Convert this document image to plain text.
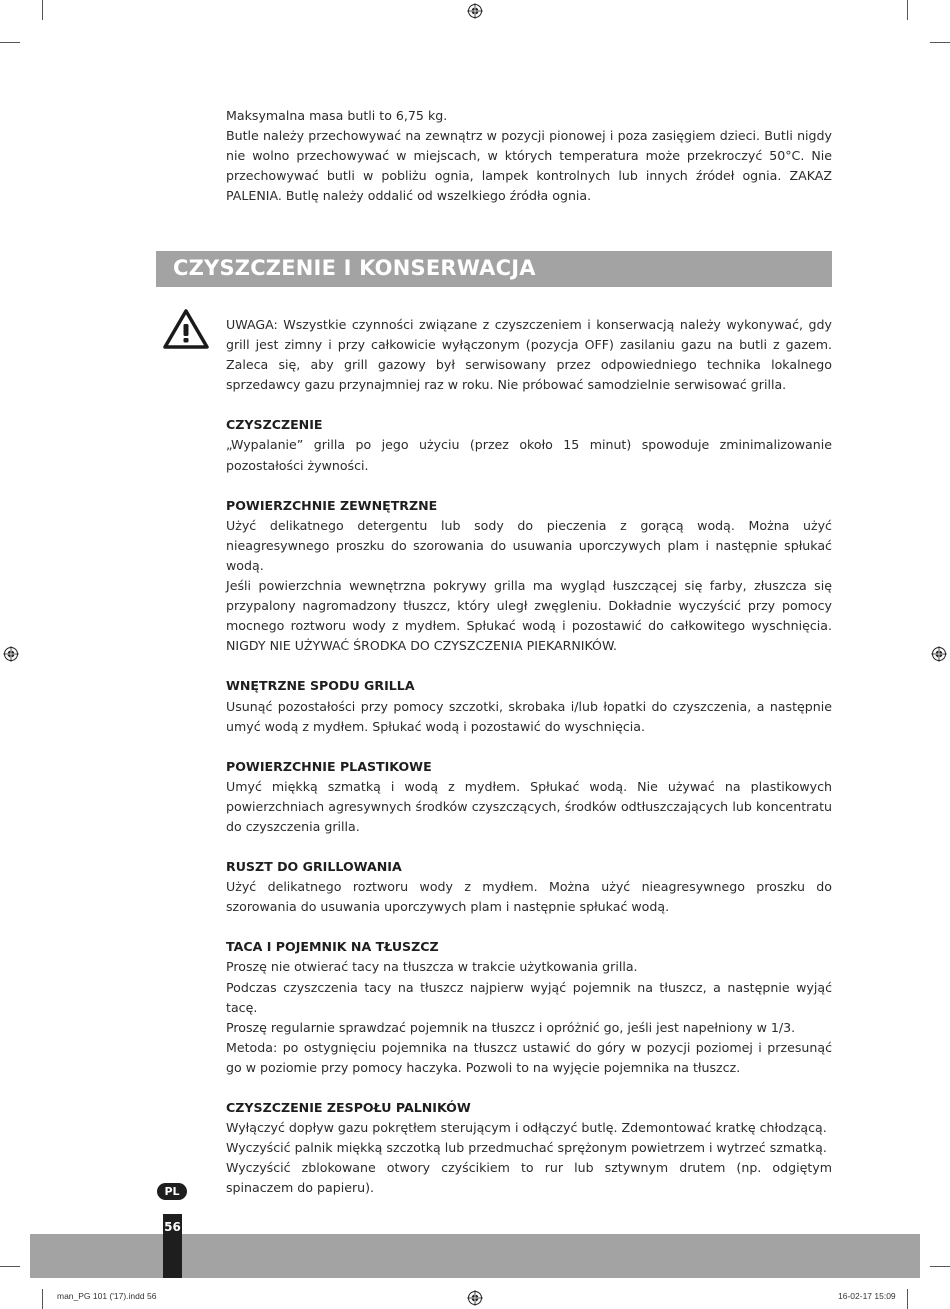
Maksymalna masa butli to 6,75 kg.

Butle należy przechowywać na zewnątrz w pozycji pionowej i poza zasięgiem dzieci. Butli nigdy nie wolno przechowywać w miejscach, w których temperatura może przekroczyć 50°C. Nie przechowywać butli w pobliżu ognia, lampek kontrolnych lub innych źródeł ognia. ZAKAZ PALENIA. Butlę należy oddalić od wszelkiego źródła ognia.

CZYSZCZENIE I KONSERWACJA

UWAGA: Wszystkie czynności związane z czyszczeniem i konserwacją należy wykonywać, gdy grill jest zimny i przy całkowicie wyłączonym (pozycja OFF) zasilaniu gazu na butli z gazem. Zaleca się, aby grill gazowy był serwisowany przez odpowiedniego technika lokalnego sprzedawcy gazu przynajmniej raz w roku. Nie próbować samodzielnie serwisować grilla.

CZYSZCZENIE

„Wypalanie” grilla po jego użyciu (przez około 15 minut) spowoduje zminimalizowanie pozostałości żywności.

POWIERZCHNIE ZEWNĘTRZNE

Użyć delikatnego detergentu lub sody do pieczenia z gorącą wodą. Można użyć nieagresywnego proszku do szorowania do usuwania uporczywych plam i następnie spłukać wodą.

Jeśli powierzchnia wewnętrzna pokrywy grilla ma wygląd łuszczącej się farby, złuszcza się przypalony nagromadzony tłuszcz, który uległ zwęgleniu. Dokładnie wyczyścić przy pomocy mocnego roztworu wody z mydłem. Spłukać wodą i pozostawić do całkowitego wyschnięcia. NIGDY NIE UŻYWAĆ ŚRODKA DO CZYSZCZENIA PIEKARNIKÓW.

WNĘTRZNE SPODU GRILLA

Usunąć pozostałości przy pomocy szczotki, skrobaka i/lub łopatki do czyszczenia, a następnie umyć wodą z mydłem. Spłukać wodą i pozostawić do wyschnięcia.

POWIERZCHNIE PLASTIKOWE

Umyć miękką szmatką i wodą z mydłem. Spłukać wodą. Nie używać na plastikowych powierzchniach agresywnych środków czyszczących, środków odtłuszczających lub koncentratu do czyszczenia grilla.

RUSZT DO GRILLOWANIA

Użyć delikatnego roztworu wody z mydłem. Można użyć nieagresywnego proszku do szorowania do usuwania uporczywych plam i następnie spłukać wodą.

TACA I POJEMNIK NA TŁUSZCZ

Proszę nie otwierać tacy na tłuszcza w trakcie użytkowania grilla.

Podczas czyszczenia tacy na tłuszcz najpierw wyjąć pojemnik na tłuszcz, a następnie wyjąć tacę.

Proszę regularnie sprawdzać pojemnik na tłuszcz i opróżnić go, jeśli jest napełniony w 1/3.

Metoda: po ostygnięciu pojemnika na tłuszcz ustawić do góry w pozycji poziomej i przesunąć go w poziomie przy pomocy haczyka. Pozwoli to na wyjęcie pojemnika na tłuszcz.

CZYSZCZENIE ZESPOŁU PALNIKÓW

Wyłączyć dopływ gazu pokrętłem sterującym i odłączyć butlę. Zdemontować kratkę chłodzącą.

Wyczyścić palnik miękką szczotką lub przedmuchać sprężonym powietrzem i wytrzeć szmatką.

Wyczyścić zblokowane otwory czyścikiem to rur lub sztywnym drutem (np. odgiętym spinaczem do papieru).

PL
56
man_PG 101 ('17).indd 56	16-02-17 15:09
